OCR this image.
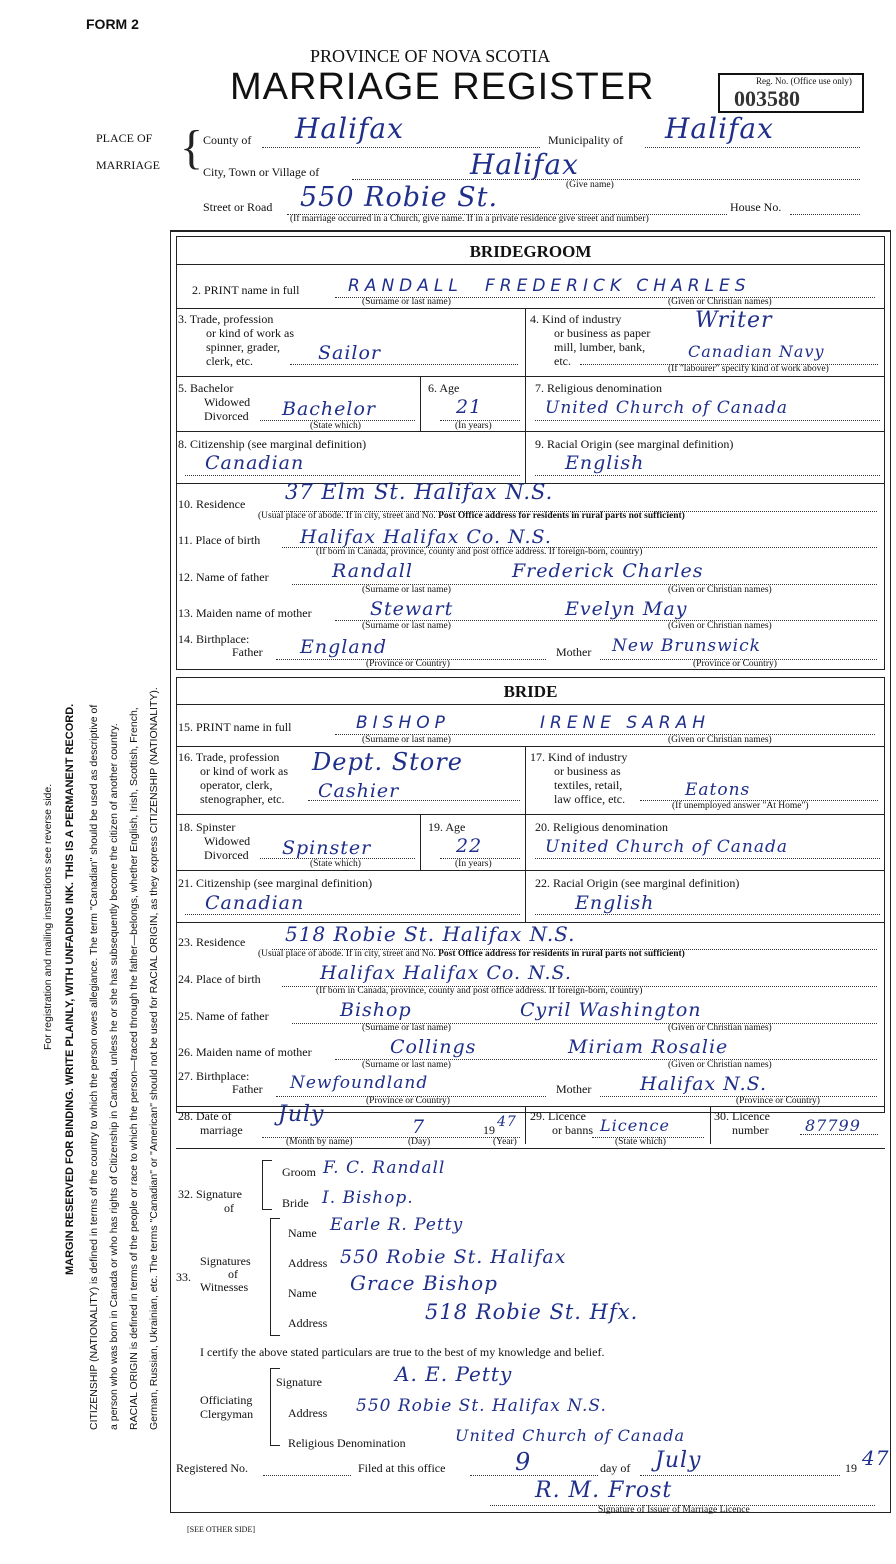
For registration and mailing instructions see reverse side. MARGIN RESERVED FOR BINDING. WRITE PLAINLY, WITH UNFADING INK. THIS IS A PERMANENT RECORD. CITIZENSHIP (NATIONALITY) is defined in terms of the country to which the person owes allegiance. The term "Canadian" should be used as descriptive of a person who was born in Canada or who has rights of Citizenship in Canada, unless he or she has subsequently become the citizen of another country. RACIAL ORIGIN is defined in terms of the people or race to which the person—traced through the father—belongs, whether English, Irish, Scottish, French, German, Russian, Ukrainian, etc. The terms "Canadian" or "American" should not be used for RACIAL ORIGIN, as they express CITIZENSHIP (NATIONALITY).
FORM 2
PROVINCE OF NOVA SCOTIA
MARRIAGE REGISTER	Reg. No. (Office use only)
003580
PLACE OF
MARRIAGE { County of Halifax	Municipality of Halifax
City, Town or Village of	Halifax
(Give name)
Street or Road 550 Robie St.	House No.
(If marriage occurred in a Church, give name. If in a private residence give street and number)
BRIDEGROOM
2. PRINT name in full	RANDALL FREDERICK CHARLES
(Surname or last name)	(Given or Christian names)
3. Trade, profession
or kind of work as
spinner, grader,
clerk, etc.	Sailor
4. Kind of industry
or business as paper
mill, lumber, bank,
etc.
Writer
Canadian Navy
(If "labourer" specify kind of work above)
5. Bachelor
Widowed
Divorced Bachelor
(State which)
6. Age
21
(In years)
7. Religious denomination
United Church of Canada
8. Citizenship (see marginal definition)
Canadian
9. Racial Origin (see marginal definition)
English
10. Residence 37 Elm St. Halifax N.S.
(Usual place of abode. If in city, street and No. Post Office address for residents in rural parts not sufficient)
11. Place of birth Halifax Halifax Co. N.S.
(If born in Canada, province, county and post office address. If foreign-born, country)
12. Name of father	Randall	Frederick Charles
(Surname or last name)	(Given or Christian names)
13. Maiden name of mother	Stewart	Evelyn May
(Surname or last name)	(Given or Christian names)
14. Birthplace:
Father England	Mother New Brunswick
(Province or Country)	(Province or Country)
BRIDE
15. PRINT name in full	BISHOP	IRENE SARAH
(Surname or last name)	(Given or Christian names)
16. Trade, profession
or kind of work as
operator, clerk,
stenographer, etc.
Dept. Store
Cashier
17. Kind of industry
or business as
textiles, retail,
law office, etc.	Eatons
(If unemployed answer "At Home")
18. Spinster
Widowed
Divorced Spinster
(State which)
19. Age
22
(In years)
20. Religious denomination
United Church of Canada
21. Citizenship (see marginal definition)
Canadian
22. Racial Origin (see marginal definition)
English
23. Residence 518 Robie St. Halifax N.S.
(Usual place of abode. If in city, street and No. Post Office address for residents in rural parts not sufficient)
24. Place of birth	Halifax Halifax Co. N.S.
(If born in Canada, province, county and post office address. If foreign-born, country)
25. Name of father	Bishop	Cyril Washington
(Surname or last name)	(Given or Christian names)
26. Maiden name of mother	Collings	Miriam Rosalie
(Surname or last name)	(Given or Christian names)
27. Birthplace:
Father Newfoundland	Mother	Halifax N.S.
(Province or Country)	(Province or Country)
28. Date of
marriage
July	7	19 47
(Month by name)	(Day)	(Year)
29. Licence
or banns Licence
(State which)
30. Licence
number 87799
32. Signature
of
Groom F. C. Randall
Bride I. Bishop.
Signatures
of
Witnesses
33.
Name Earle R. Petty
Address 550 Robie St. Halifax
Name Grace Bishop
Address	518 Robie St. Hfx.
I certify the above stated particulars are true to the best of my knowledge and belief.
Officiating
Clergyman
Signature	A. E. Petty
Address 550 Robie St. Halifax N.S.
Religious Denomination	United Church of Canada
Registered No.	Filed at this office	9	day of July	19 47
R. M. Frost
Signature of Issuer of Marriage Licence
[SEE OTHER SIDE]
